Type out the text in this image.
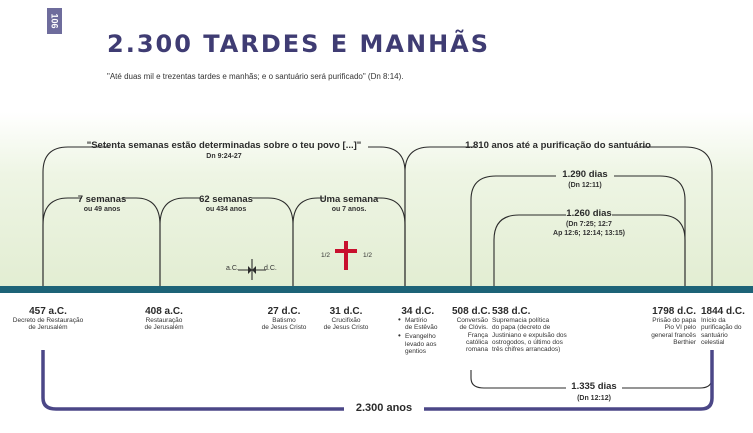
106
2.300 TARDES E MANHÃS
"Até duas mil e trezentas tardes e manhãs; e o santuário será purificado" (Dn 8:14).
"Setenta semanas estão determinadas sobre o teu povo [...]"
Dn 9:24-27
1.810 anos até a purificação do santuário
7 semanas
ou 49 anos
62 semanas
ou 434 anos
Uma semana
ou 7 anos.
1.290 dias
(Dn 12:11)
1.260 dias
(Dn 7:25; 12:7
Ap 12:6; 12:14; 13:15)
a.C.	d.C.
1/2	1/2
457 a.C.
Decreto de Restauração
de Jerusalém
408 a.C.
Restauração
de Jerusalém
27 d.C.
Batismo
de Jesus Cristo
31 d.C.
Crucifixão
de Jesus Cristo
34 d.C.
• Martírio
de Estêvão
• Evangelho
levado aos
gentios
508 d.C.
Conversão
de Clóvis.
França
católica
romana
538 d.C.
Supremacia política
do papa (decreto de
Justiniano e expulsão dos
ostrogodos, o último dos
três chifres arrancados)
1798 d.C.
Prisão do papa
Pio VI pelo
general francês
Berthier
1844 d.C.
Início da
purificação do
santuário
celestial
1.335 dias
(Dn 12:12)
2.300 anos
